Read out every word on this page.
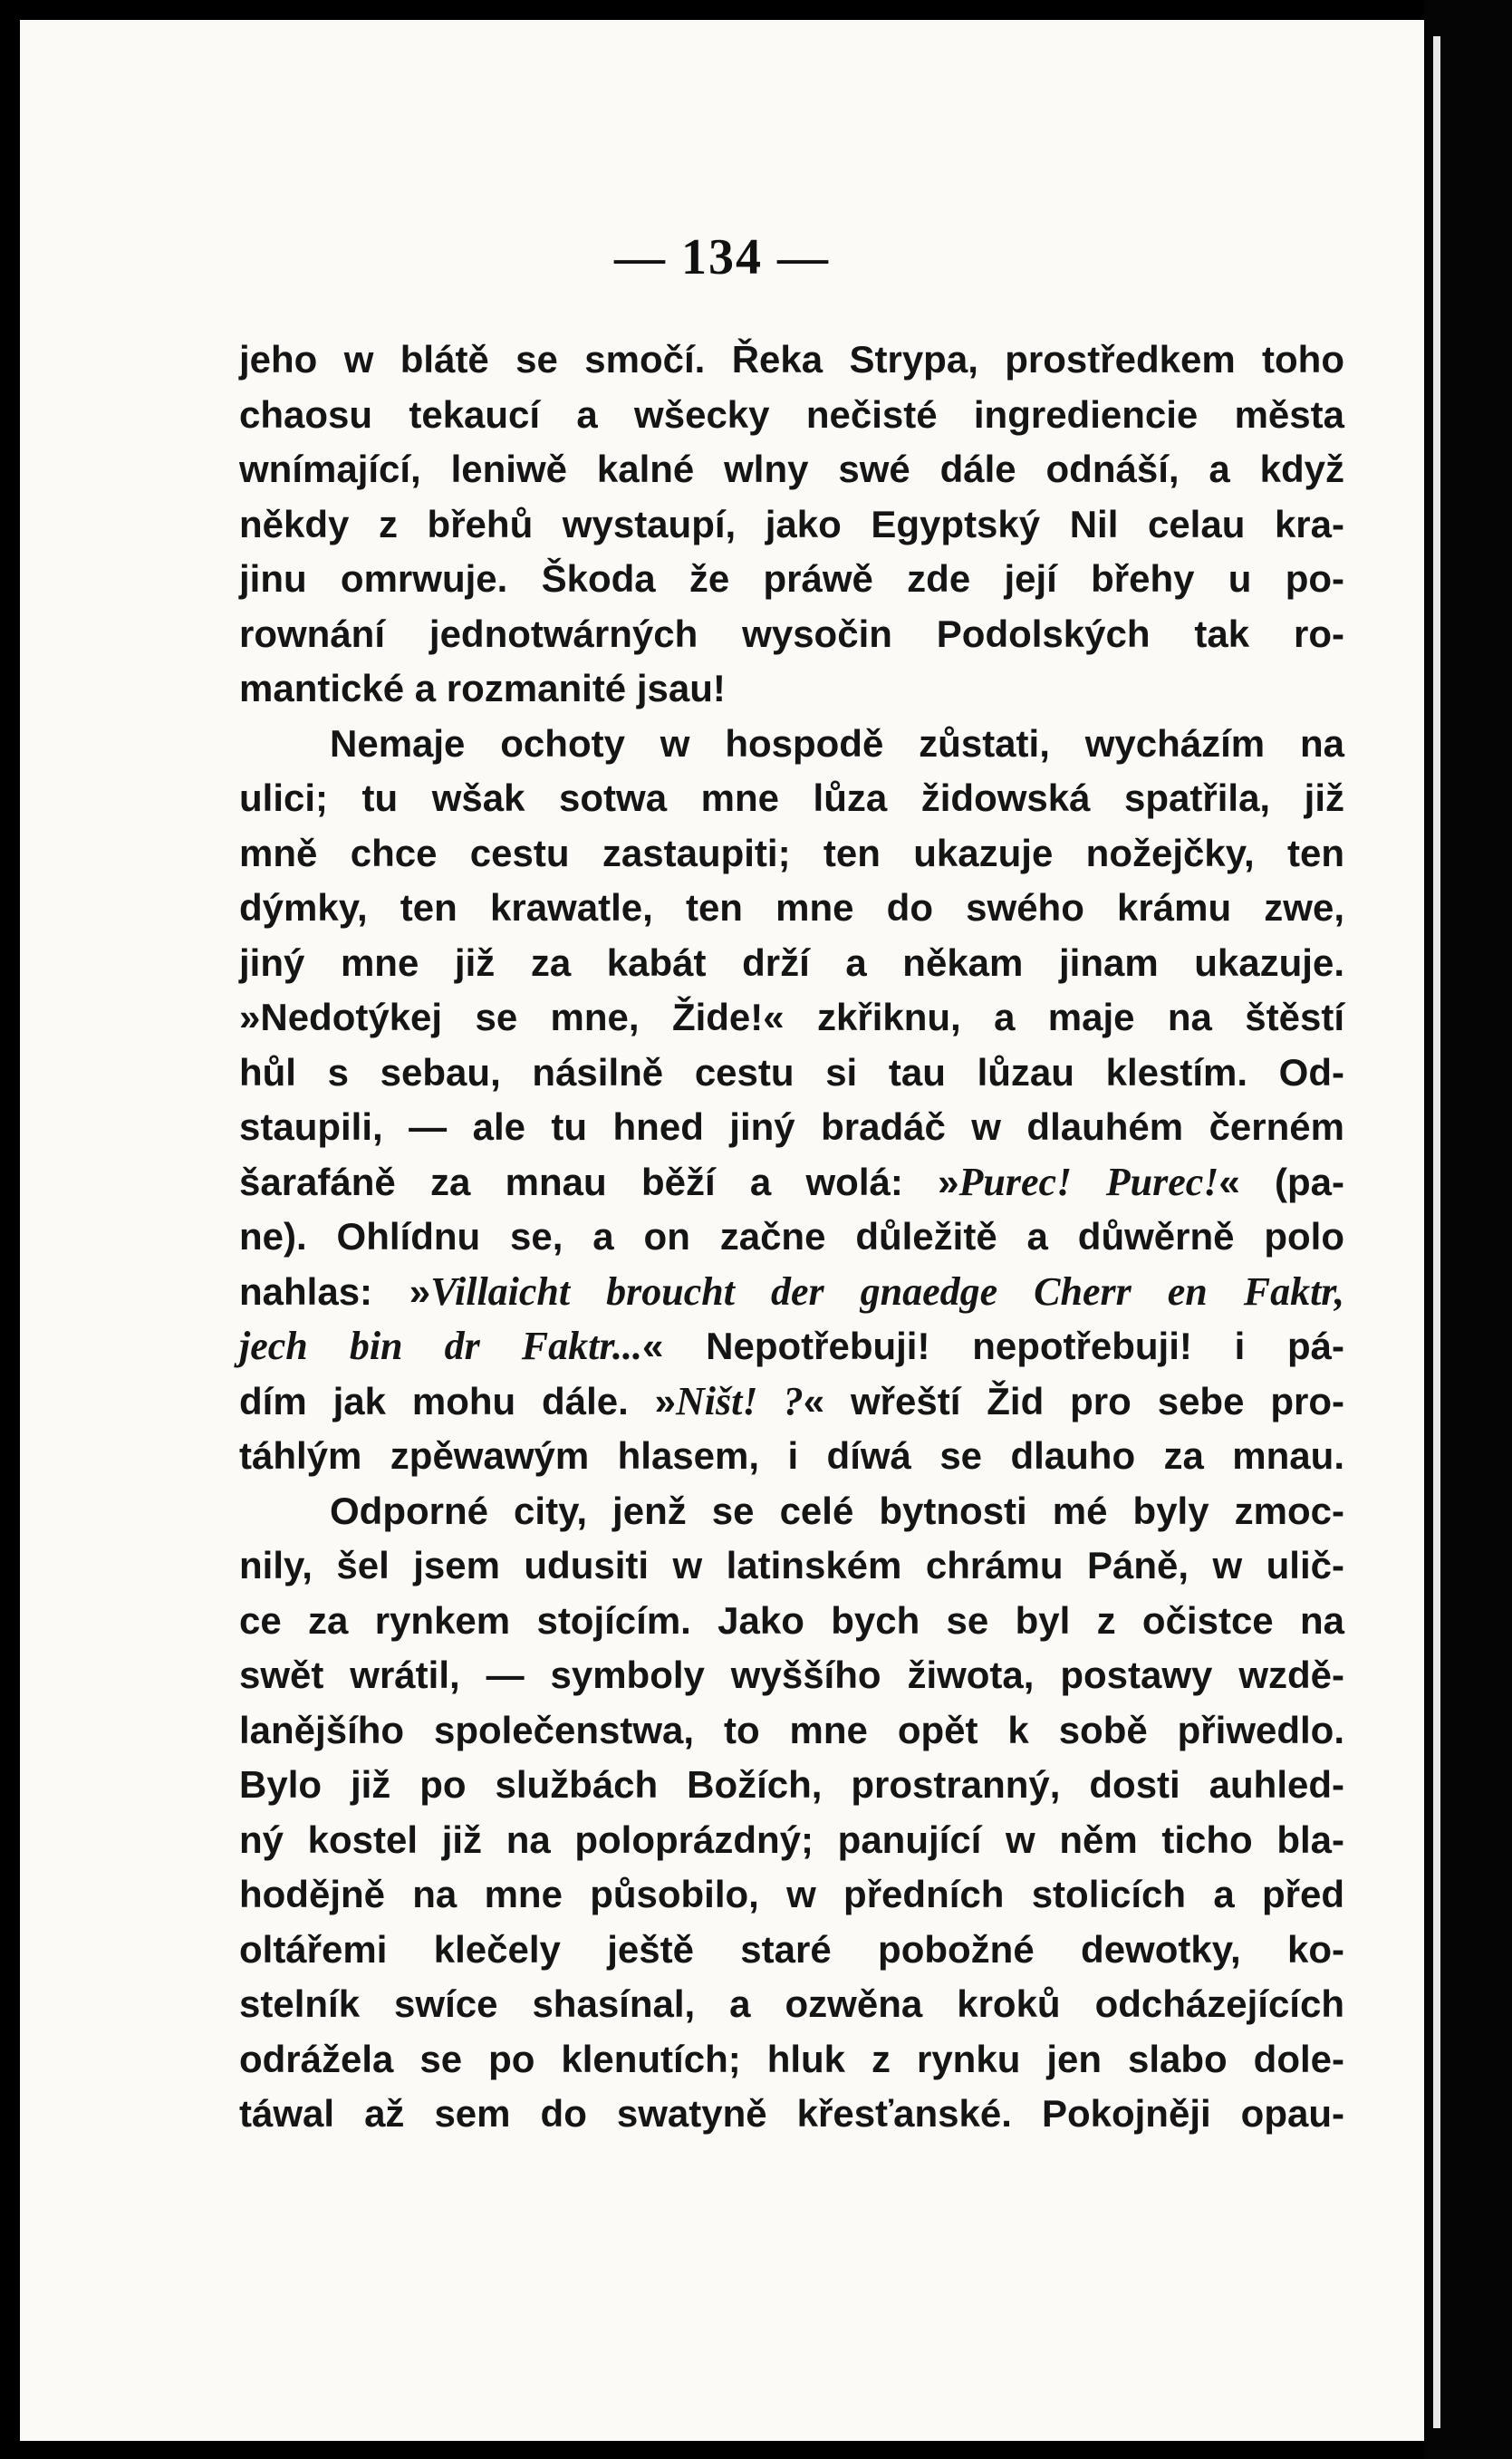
— 134 —
jeho w blátě se smočí. Řeka Strypa, prostředkem toho
chaosu tekaucí a wšecky nečisté ingrediencie města
wnímající, leniwě kalné wlny swé dále odnáší, a když
někdy z břehů wystaupí, jako Egyptský Nil celau kra-
jinu omrwuje. Škoda že práwě zde její břehy u po-
rownání jednotwárných wysočin Podolských tak ro-
mantické a rozmanité jsau!
Nemaje ochoty w hospodě zůstati, wycházím na
ulici; tu wšak sotwa mne lůza židowská spatřila, již
mně chce cestu zastaupiti; ten ukazuje nožejčky, ten
dýmky, ten krawatle, ten mne do swého krámu zwe,
jiný mne již za kabát drží a někam jinam ukazuje.
»Nedotýkej se mne, Žide!« zkřiknu, a maje na štěstí
hůl s sebau, násilně cestu si tau lůzau klestím. Od-
staupili, — ale tu hned jiný bradáč w dlauhém černém
šarafáně za mnau běží a wolá: »Purec! Purec!« (pa-
ne). Ohlídnu se, a on začne důležitě a důwěrně polo
nahlas: »Villaicht broucht der gnaedge Cherr en Faktr,
jech bin dr Faktr...« Nepotřebuji! nepotřebuji! i pá-
dím jak mohu dále. »Ništ! ?« wřeští Žid pro sebe pro-
táhlým zpěwawým hlasem, i díwá se dlauho za mnau.
Odporné city, jenž se celé bytnosti mé byly zmoc-
nily, šel jsem udusiti w latinském chrámu Páně, w ulič-
ce za rynkem stojícím. Jako bych se byl z očistce na
swět wrátil, — symboly wyššího žiwota, postawy wzdě-
lanějšího společenstwa, to mne opět k sobě přiwedlo.
Bylo již po službách Božích, prostranný, dosti auhled-
ný kostel již na poloprázdný; panující w něm ticho bla-
hodějně na mne působilo, w předních stolicích a před
oltářemi klečely ještě staré pobožné dewotky, ko-
stelník swíce shasínal, a ozwěna kroků odcházejících
odrážela se po klenutích; hluk z rynku jen slabo dole-
táwal až sem do swatyně křesťanské. Pokojněji opau-
